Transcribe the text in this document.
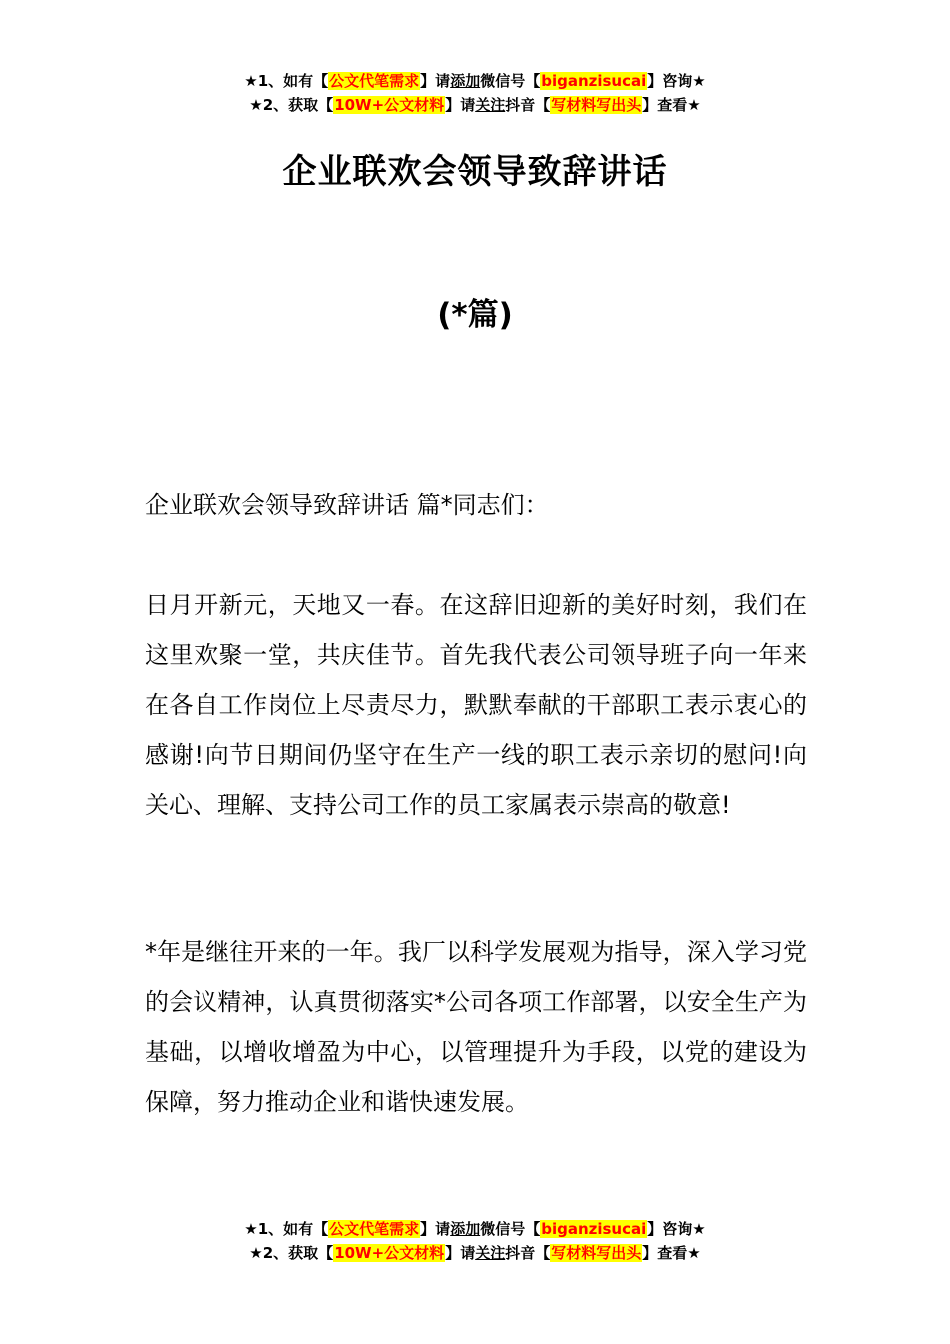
★1、如有【公文代笔需求】请添加微信号【biganzisucai】咨询★
★2、获取【10W+公文材料】请关注抖音【写材料写出头】查看★
企业联欢会领导致辞讲话
(*篇)
企业联欢会领导致辞讲话 篇*同志们：
日月开新元，天地又一春。在这辞旧迎新的美好时刻，我们在这里欢聚一堂，共庆佳节。首先我代表公司领导班子向一年来在各自工作岗位上尽责尽力，默默奉献的干部职工表示衷心的感谢!向节日期间仍坚守在生产一线的职工表示亲切的慰问!向关心、理解、支持公司工作的员工家属表示崇高的敬意!
*年是继往开来的一年。我厂以科学发展观为指导，深入学习党的会议精神，认真贯彻落实*公司各项工作部署，以安全生产为基础，以增收增盈为中心，以管理提升为手段，以党的建设为保障，努力推动企业和谐快速发展。
★1、如有【公文代笔需求】请添加微信号【biganzisucai】咨询★
★2、获取【10W+公文材料】请关注抖音【写材料写出头】查看★
